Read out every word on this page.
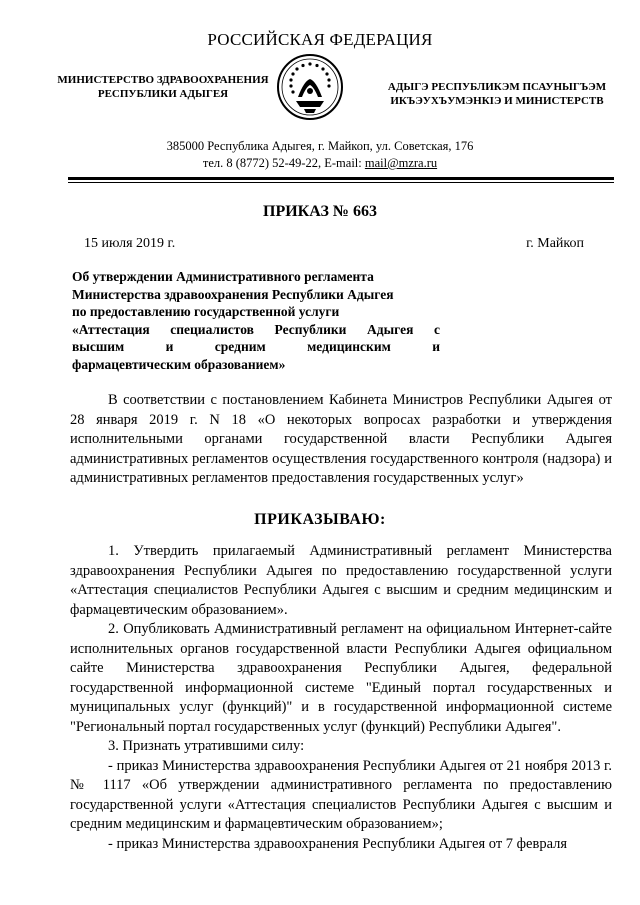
РОССИЙСКАЯ ФЕДЕРАЦИЯ
МИНИСТЕРСТВО ЗДРАВООХРАНЕНИЯ
РЕСПУБЛИКИ АДЫГЕЯ
АДЫГЭ РЕСПУБЛИКЭМ ПСАУНЫГЪЭМ
ИКЪЭУХЪУМЭНКIЭ И МИНИСТЕРСТВ
385000 Республика Адыгея, г. Майкоп, ул. Советская, 176
тел. 8 (8772) 52-49-22, E-mail: mail@mzra.ru
ПРИКАЗ № 663
15 июля 2019 г.	г. Майкоп
Об утверждении Административного регламента
Министерства здравоохранения Республики Адыгея
по предоставлению государственной услуги
«Аттестация специалистов Республики Адыгея с
высшим и средним медицинским и
фармацевтическим образованием»

В соответствии с постановлением Кабинета Министров Республики Адыгея от 28 января 2019 г. N 18 «О некоторых вопросах разработки и утверждения исполнительными органами государственной власти Республики Адыгея административных регламентов осуществления государственного контроля (надзора) и административных регламентов предоставления государственных услуг»

ПРИКАЗЫВАЮ:

1. Утвердить прилагаемый Административный регламент Министерства здравоохранения Республики Адыгея по предоставлению государственной услуги «Аттестация специалистов Республики Адыгея с высшим и средним медицинским и фармацевтическим образованием».

2. Опубликовать Административный регламент на официальном Интернет-сайте исполнительных органов государственной власти Республики Адыгея официальном сайте Министерства здравоохранения Республики Адыгея, федеральной государственной информационной системе "Единый портал государственных и муниципальных услуг (функций)" и в государственной информационной системе "Региональный портал государственных услуг (функций) Республики Адыгея".

3. Признать утратившими силу:

- приказ Министерства здравоохранения Республики Адыгея от 21 ноября 2013 г. № 1117 «Об утверждении административного регламента по предоставлению государственной услуги «Аттестация специалистов Республики Адыгея с высшим и средним медицинским и фармацевтическим образованием»;

- приказ Министерства здравоохранения Республики Адыгея от 7 февраля
